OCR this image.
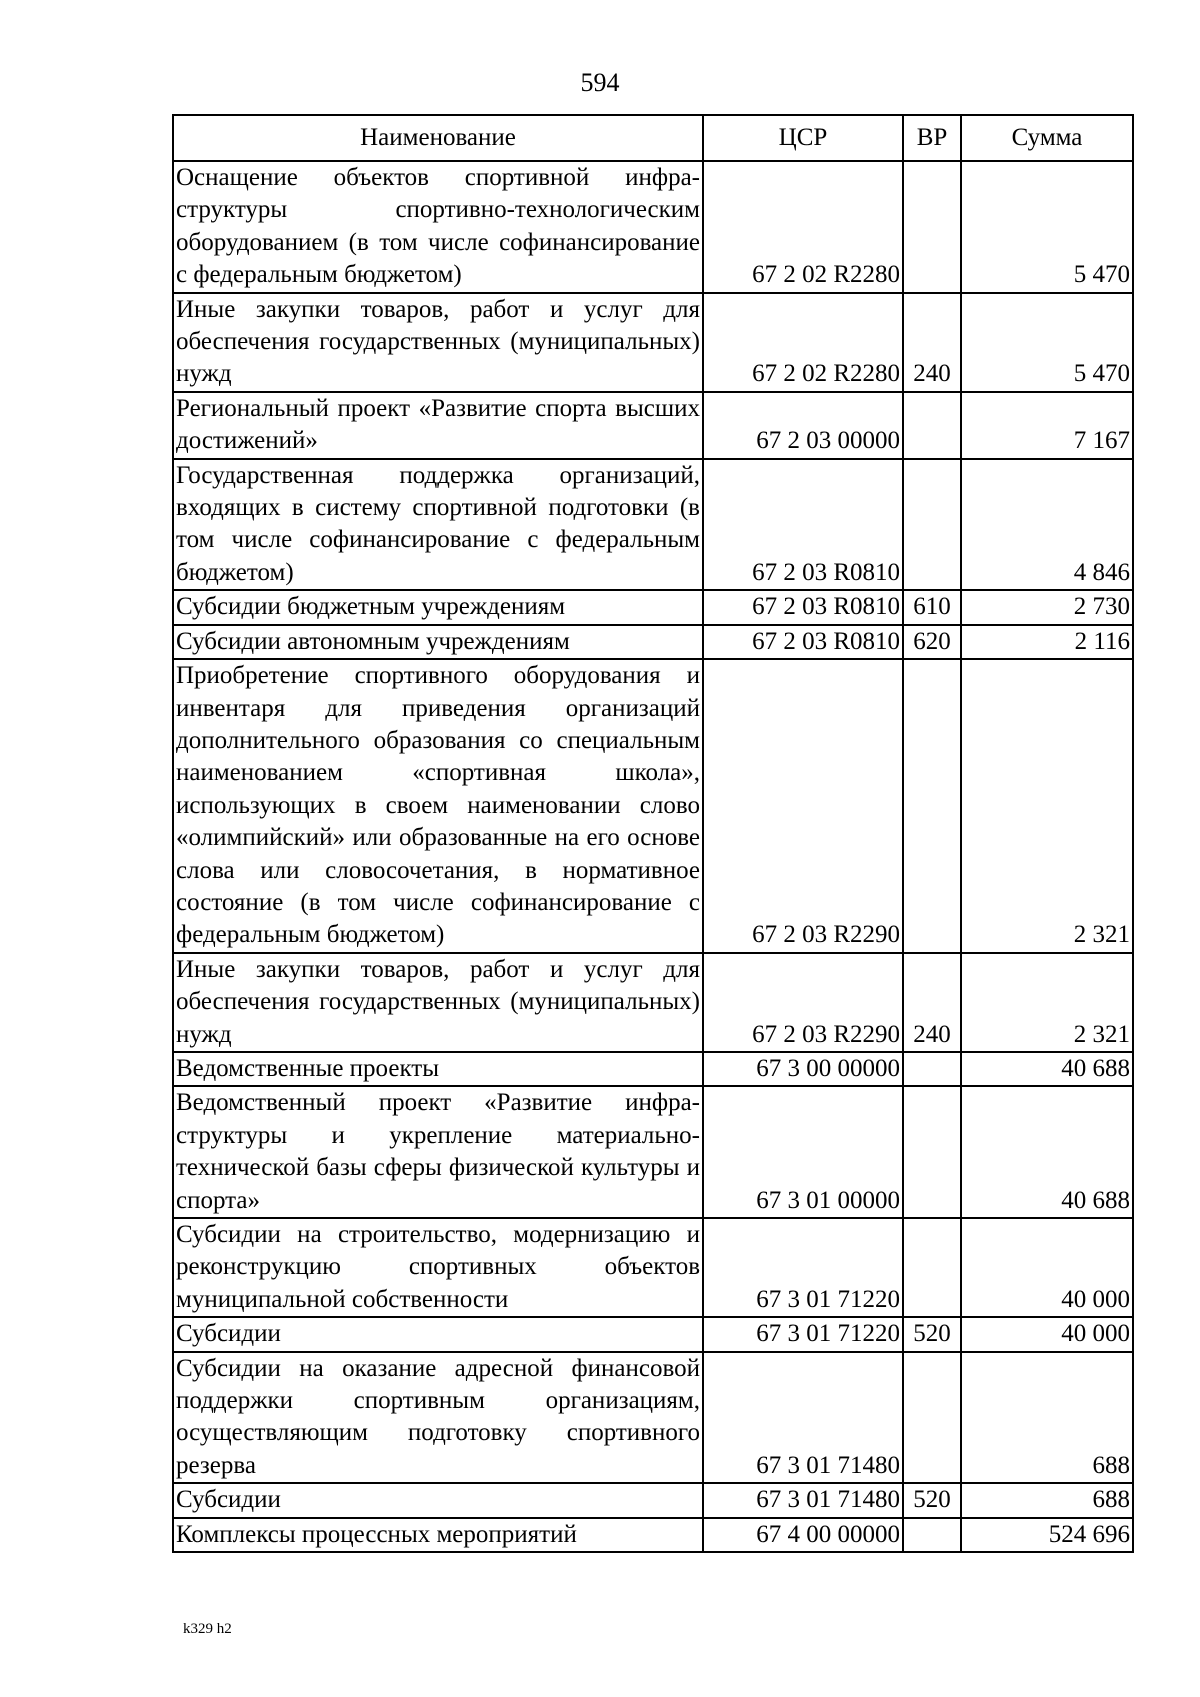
594
Наименование	ЦСР	ВР	Сумма
Оснащение объектов спортивной инфраструктуры спортивно-технологическим оборудованием (в том числе софинансирование с федеральным бюджетом)	67 2 02 R2280		5 470
Иные закупки товаров, работ и услуг для обеспечения государственных (муниципальных) нужд	67 2 02 R2280	240	5 470
Региональный проект «Развитие спорта высших достижений»	67 2 03 00000		7 167
Государственная поддержка организаций, входящих в систему спортивной подготовки (в том числе софинансирование с федеральным бюджетом)	67 2 03 R0810		4 846
Субсидии бюджетным учреждениям	67 2 03 R0810	610	2 730
Субсидии автономным учреждениям	67 2 03 R0810	620	2 116
Приобретение спортивного оборудования и инвентаря для приведения организаций дополнительного образования со специальным наименованием «спортивная школа», использующих в своем наименовании слово «олимпийский» или образованные на его основе слова или словосочетания, в нормативное состояние (в том числе софинансирование с федеральным бюджетом)	67 2 03 R2290		2 321
Иные закупки товаров, работ и услуг для обеспечения государственных (муниципальных) нужд	67 2 03 R2290	240	2 321
Ведомственные проекты	67 3 00 00000		40 688
Ведомственный проект «Развитие инфраструктуры и укрепление материально-технической базы сферы физической культуры и спорта»	67 3 01 00000		40 688
Субсидии на строительство, модернизацию и реконструкцию спортивных объектов муниципальной собственности	67 3 01 71220		40 000
Субсидии	67 3 01 71220	520	40 000
Субсидии на оказание адресной финансовой поддержки спортивным организациям, осуществляющим подготовку спортивного резерва	67 3 01 71480		688
Субсидии	67 3 01 71480	520	688
Комплексы процессных мероприятий	67 4 00 00000		524 696
k329 h2
